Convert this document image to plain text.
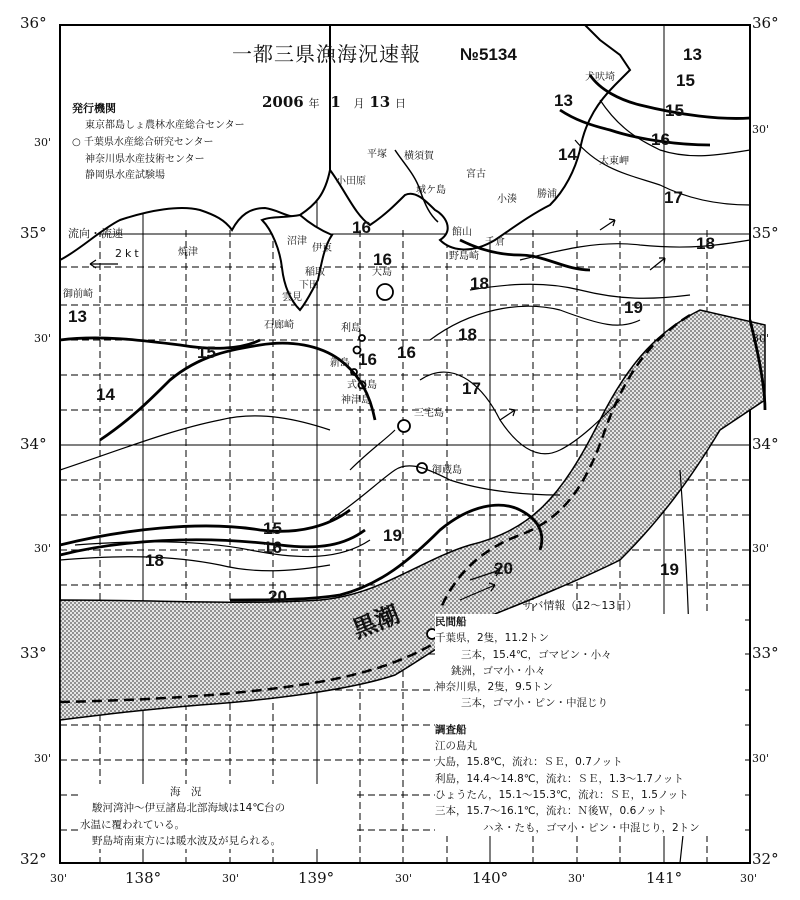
36°
30'
35°
30'
34°
30'
33°
30'
32°
36°
30'
35°
30'
34°
30'
33°
30'
32°
30'	138°	30'	139°	30'	140°	30'	141°	30'
一都三県漁海況速報 №5134
2006 年 1 月 13 日
発行機関
東京都島しょ農林水産総合センター
○ 千葉県水産総合研究センター
神奈川県水産技術センター
静岡県水産試験場
流向・流速
2kt
13
15
13
15
16
14
17
18
16
16
16
19
18
16
18
17
13
15
14
15
16
19
18
20
20	19
黒潮
犬吠埼
太東岬
小湊 勝浦
平塚 横須賀
小田原
宮古
館山
野島崎
城ケ島
千倉
沼津
伊東
焼津
稲取
下田
雲見
石廊崎
大島
利島
新島
式根島
神津島
三宅島
御蔵島
御前崎
サバ情報（12～13日）
民間船
千葉県，2隻，11.2トン
三本，15.4℃，ゴマビン・小々
銚洲，ゴマ小・小々
神奈川県，2隻，9.5トン
三本，ゴマ小・ピン・中混じり
調査船
江の島丸
大島，15.8℃，流れ：ＳＥ，0.7ノット
利島，14.4～14.8℃，流れ：ＳＥ，1.3～1.7ノット
ひょうたん，15.1～15.3℃，流れ：ＳＥ，1.5ノット
三本，15.7～16.1℃，流れ：Ｎ後Ｗ，0.6ノット
ハネ・たも，ゴマ小・ピン・中混じり，2トン
海　況
駿河湾沖～伊豆諸島北部海域は14℃台の
水温に覆われている。
野島埼南東方には暖水波及が見られる。
